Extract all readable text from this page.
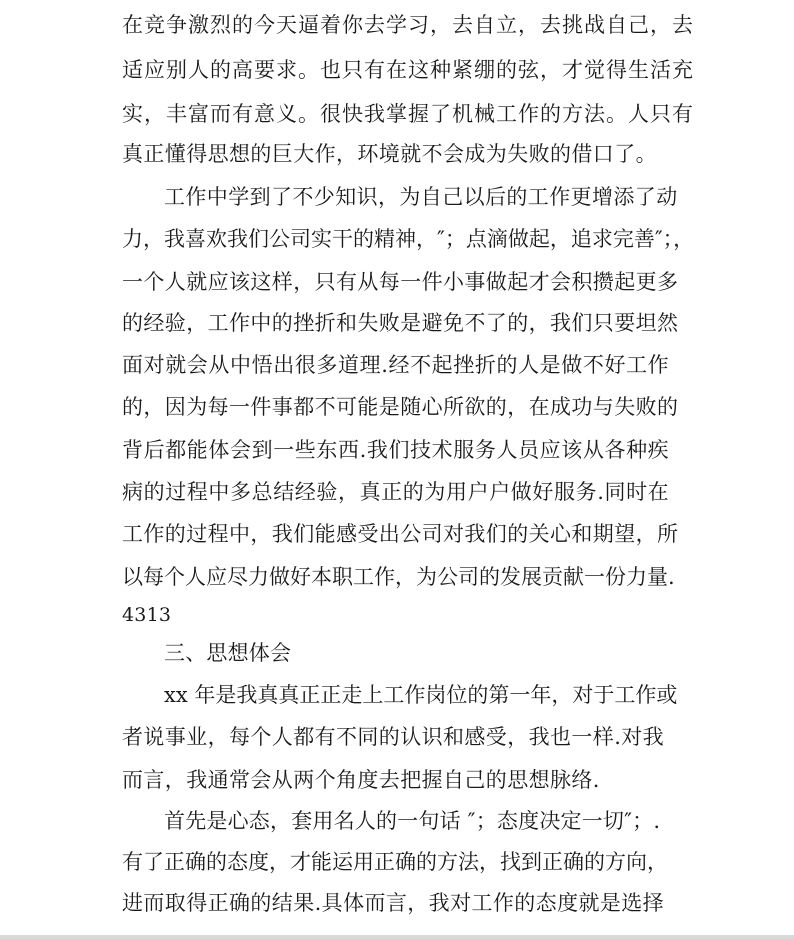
在竞争激烈的今天逼着你去学习，去自立，去挑战自己，去
适应别人的高要求。也只有在这种紧绷的弦，才觉得生活充
实，丰富而有意义。很快我掌握了机械工作的方法。人只有
真正懂得思想的巨大作，环境就不会成为失败的借口了。
工作中学到了不少知识，为自己以后的工作更增添了动
力，我喜欢我们公司实干的精神，″；点滴做起，追求完善″；，
一个人就应该这样，只有从每一件小事做起才会积攒起更多
的经验，工作中的挫折和失败是避免不了的，我们只要坦然
面对就会从中悟出很多道理.经不起挫折的人是做不好工作
的，因为每一件事都不可能是随心所欲的，在成功与失败的
背后都能体会到一些东西.我们技术服务人员应该从各种疾
病的过程中多总结经验，真正的为用户户做好服务.同时在
工作的过程中，我们能感受出公司对我们的关心和期望，所
以每个人应尽力做好本职工作，为公司的发展贡献一份力量.
4313
三、思想体会
xx 年是我真真正正走上工作岗位的第一年，对于工作或
者说事业，每个人都有不同的认识和感受，我也一样.对我
而言，我通常会从两个角度去把握自己的思想脉络.
首先是心态，套用名人的一句话 ″；态度决定一切″；.
有了正确的态度，才能运用正确的方法，找到正确的方向，
进而取得正确的结果.具体而言，我对工作的态度就是选择
